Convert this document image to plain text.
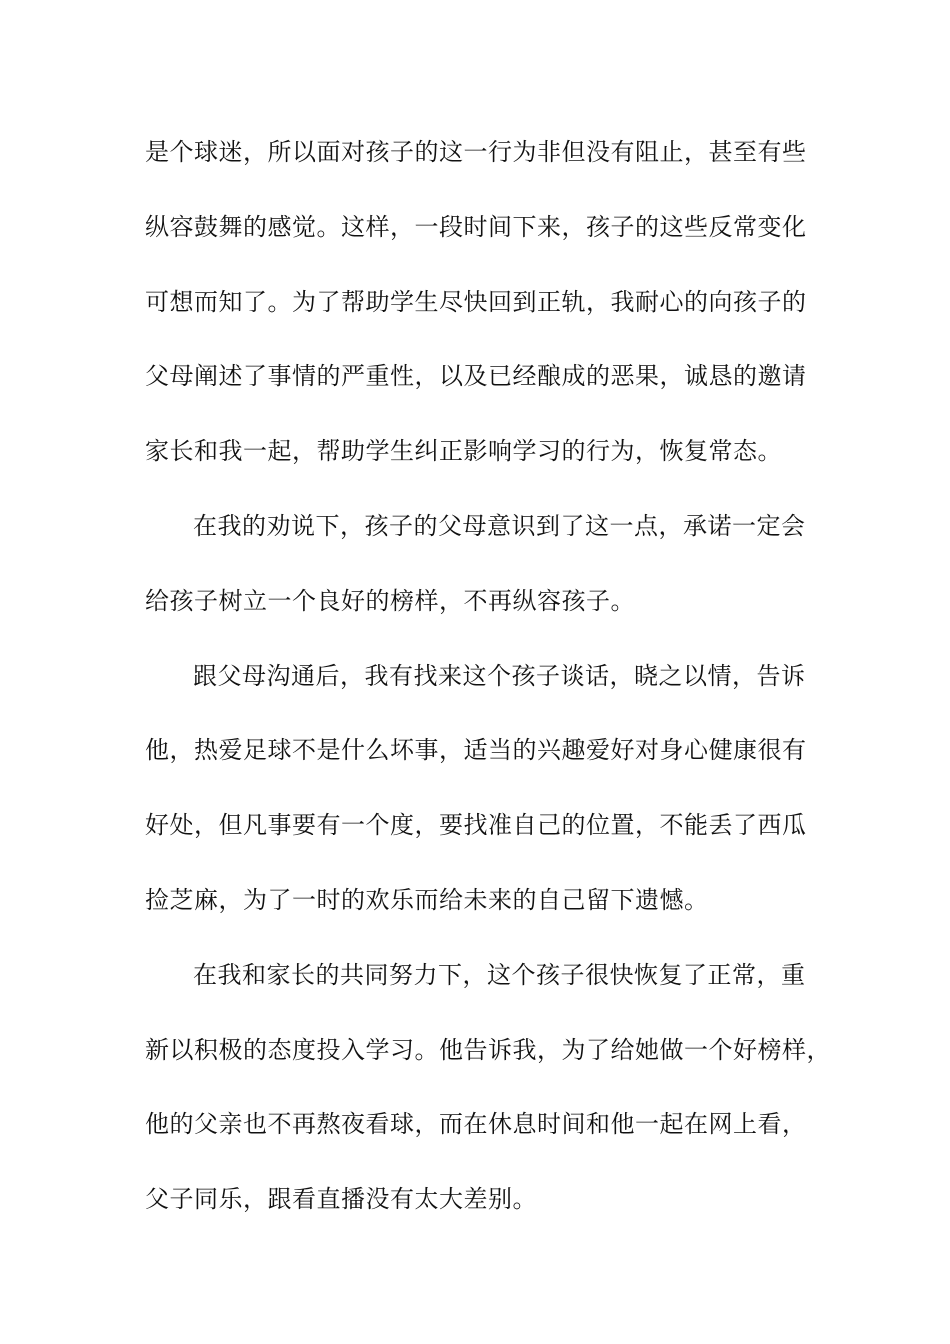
是个球迷，所以面对孩子的这一行为非但没有阻止，甚至有些
纵容鼓舞的感觉。这样，一段时间下来，孩子的这些反常变化
可想而知了。为了帮助学生尽快回到正轨，我耐心的向孩子的
父母阐述了事情的严重性，以及已经酿成的恶果，诚恳的邀请
家长和我一起，帮助学生纠正影响学习的行为，恢复常态。
在我的劝说下，孩子的父母意识到了这一点，承诺一定会
给孩子树立一个良好的榜样，不再纵容孩子。
跟父母沟通后，我有找来这个孩子谈话，晓之以情，告诉
他，热爱足球不是什么坏事，适当的兴趣爱好对身心健康很有
好处，但凡事要有一个度，要找准自己的位置，不能丢了西瓜
捡芝麻，为了一时的欢乐而给未来的自己留下遗憾。
在我和家长的共同努力下，这个孩子很快恢复了正常，重
新以积极的态度投入学习。他告诉我，为了给她做一个好榜样，
他的父亲也不再熬夜看球，而在休息时间和他一起在网上看，
父子同乐，跟看直播没有太大差别。
